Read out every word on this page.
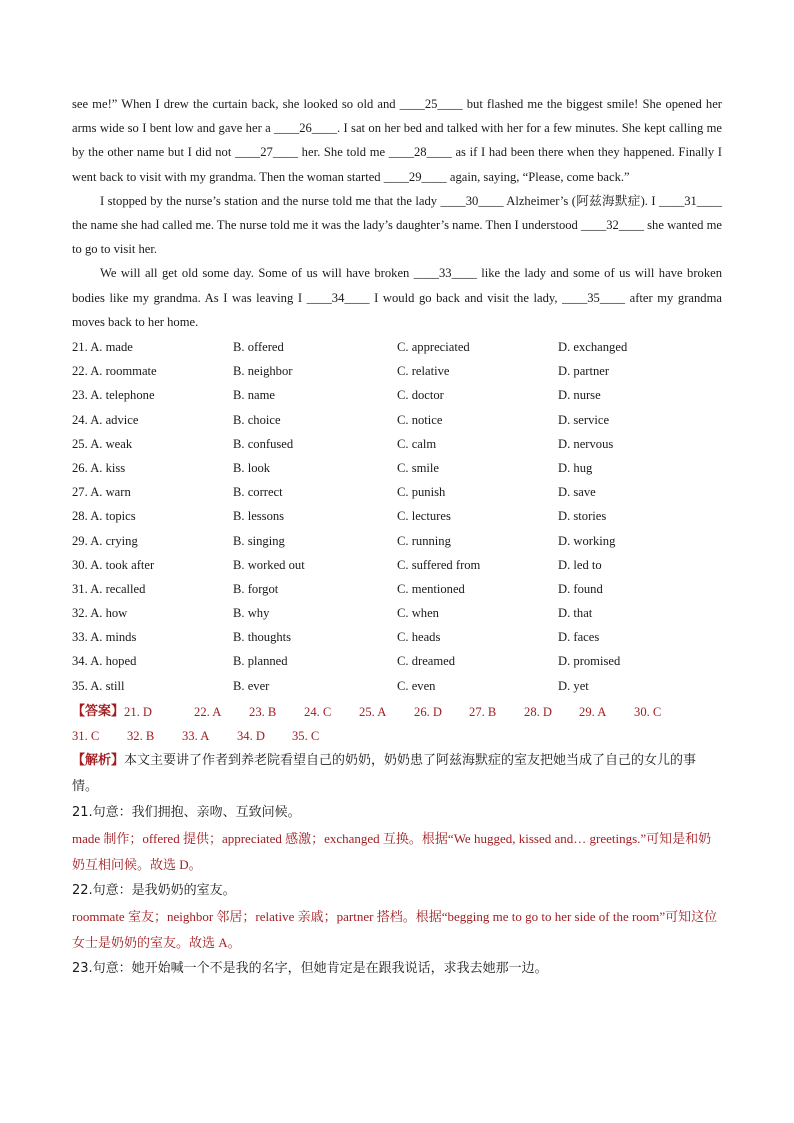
see me!” When I drew the curtain back, she looked so old and ____25____ but flashed me the biggest smile! She opened her arms wide so I bent low and gave her a ____26____. I sat on her bed and talked with her for a few minutes. She kept calling me by the other name but I did not ____27____ her. She told me ____28____ as if I had been there when they happened. Finally I went back to visit with my grandma. Then the woman started ____29____ again, saying, “Please, come back.”

I stopped by the nurse’s station and the nurse told me that the lady ____30____ Alzheimer’s (阿兹海默症). I ____31____ the name she had called me. The nurse told me it was the lady’s daughter’s name. Then I understood ____32____ she wanted me to go to visit her.

We will all get old some day. Some of us will have broken ____33____ like the lady and some of us will have broken bodies like my grandma. As I was leaving I ____34____ I would go back and visit the lady, ____35____ after my grandma moves back to her home.

21. A. made	B. offered	C. appreciated	D. exchanged
22. A. roommate	B. neighbor	C. relative	D. partner
23. A. telephone	B. name	C. doctor	D. nurse
24. A. advice	B. choice	C. notice	D. service
25. A. weak	B. confused	C. calm	D. nervous
26. A. kiss	B. look	C. smile	D. hug
27. A. warn	B. correct	C. punish	D. save
28. A. topics	B. lessons	C. lectures	D. stories
29. A. crying	B. singing	C. running	D. working
30. A. took after	B. worked out	C. suffered from	D. led to
31. A. recalled	B. forgot	C. mentioned	D. found
32. A. how	B. why	C. when	D. that
33. A. minds	B. thoughts	C. heads	D. faces
34. A. hoped	B. planned	C. dreamed	D. promised
35. A. still	B. ever	C. even	D. yet
【答案】 21. D	22. A	23. B	24. C	25. A	26. D	27. B	28. D	29. A	30. C
31. C	32. B	33. A	34. D	35. C

【解析】本文主要讲了作者到养老院看望自己的奶奶，奶奶患了阿兹海默症的室友把她当成了自己的女儿的事情。

21.句意：我们拥抱、亲吻、互致问候。

made 制作；offered 提供；appreciated 感激；exchanged 互换。根据“We hugged, kissed and… greetings.”可知是和奶奶互相问候。故选 D。

22.句意：是我奶奶的室友。

roommate 室友；neighbor 邻居；relative 亲戚；partner 搭档。根据“begging me to go to her side of the room”可知这位女士是奶奶的室友。故选 A。

23.句意：她开始喊一个不是我的名字，但她肯定是在跟我说话，求我去她那一边。
